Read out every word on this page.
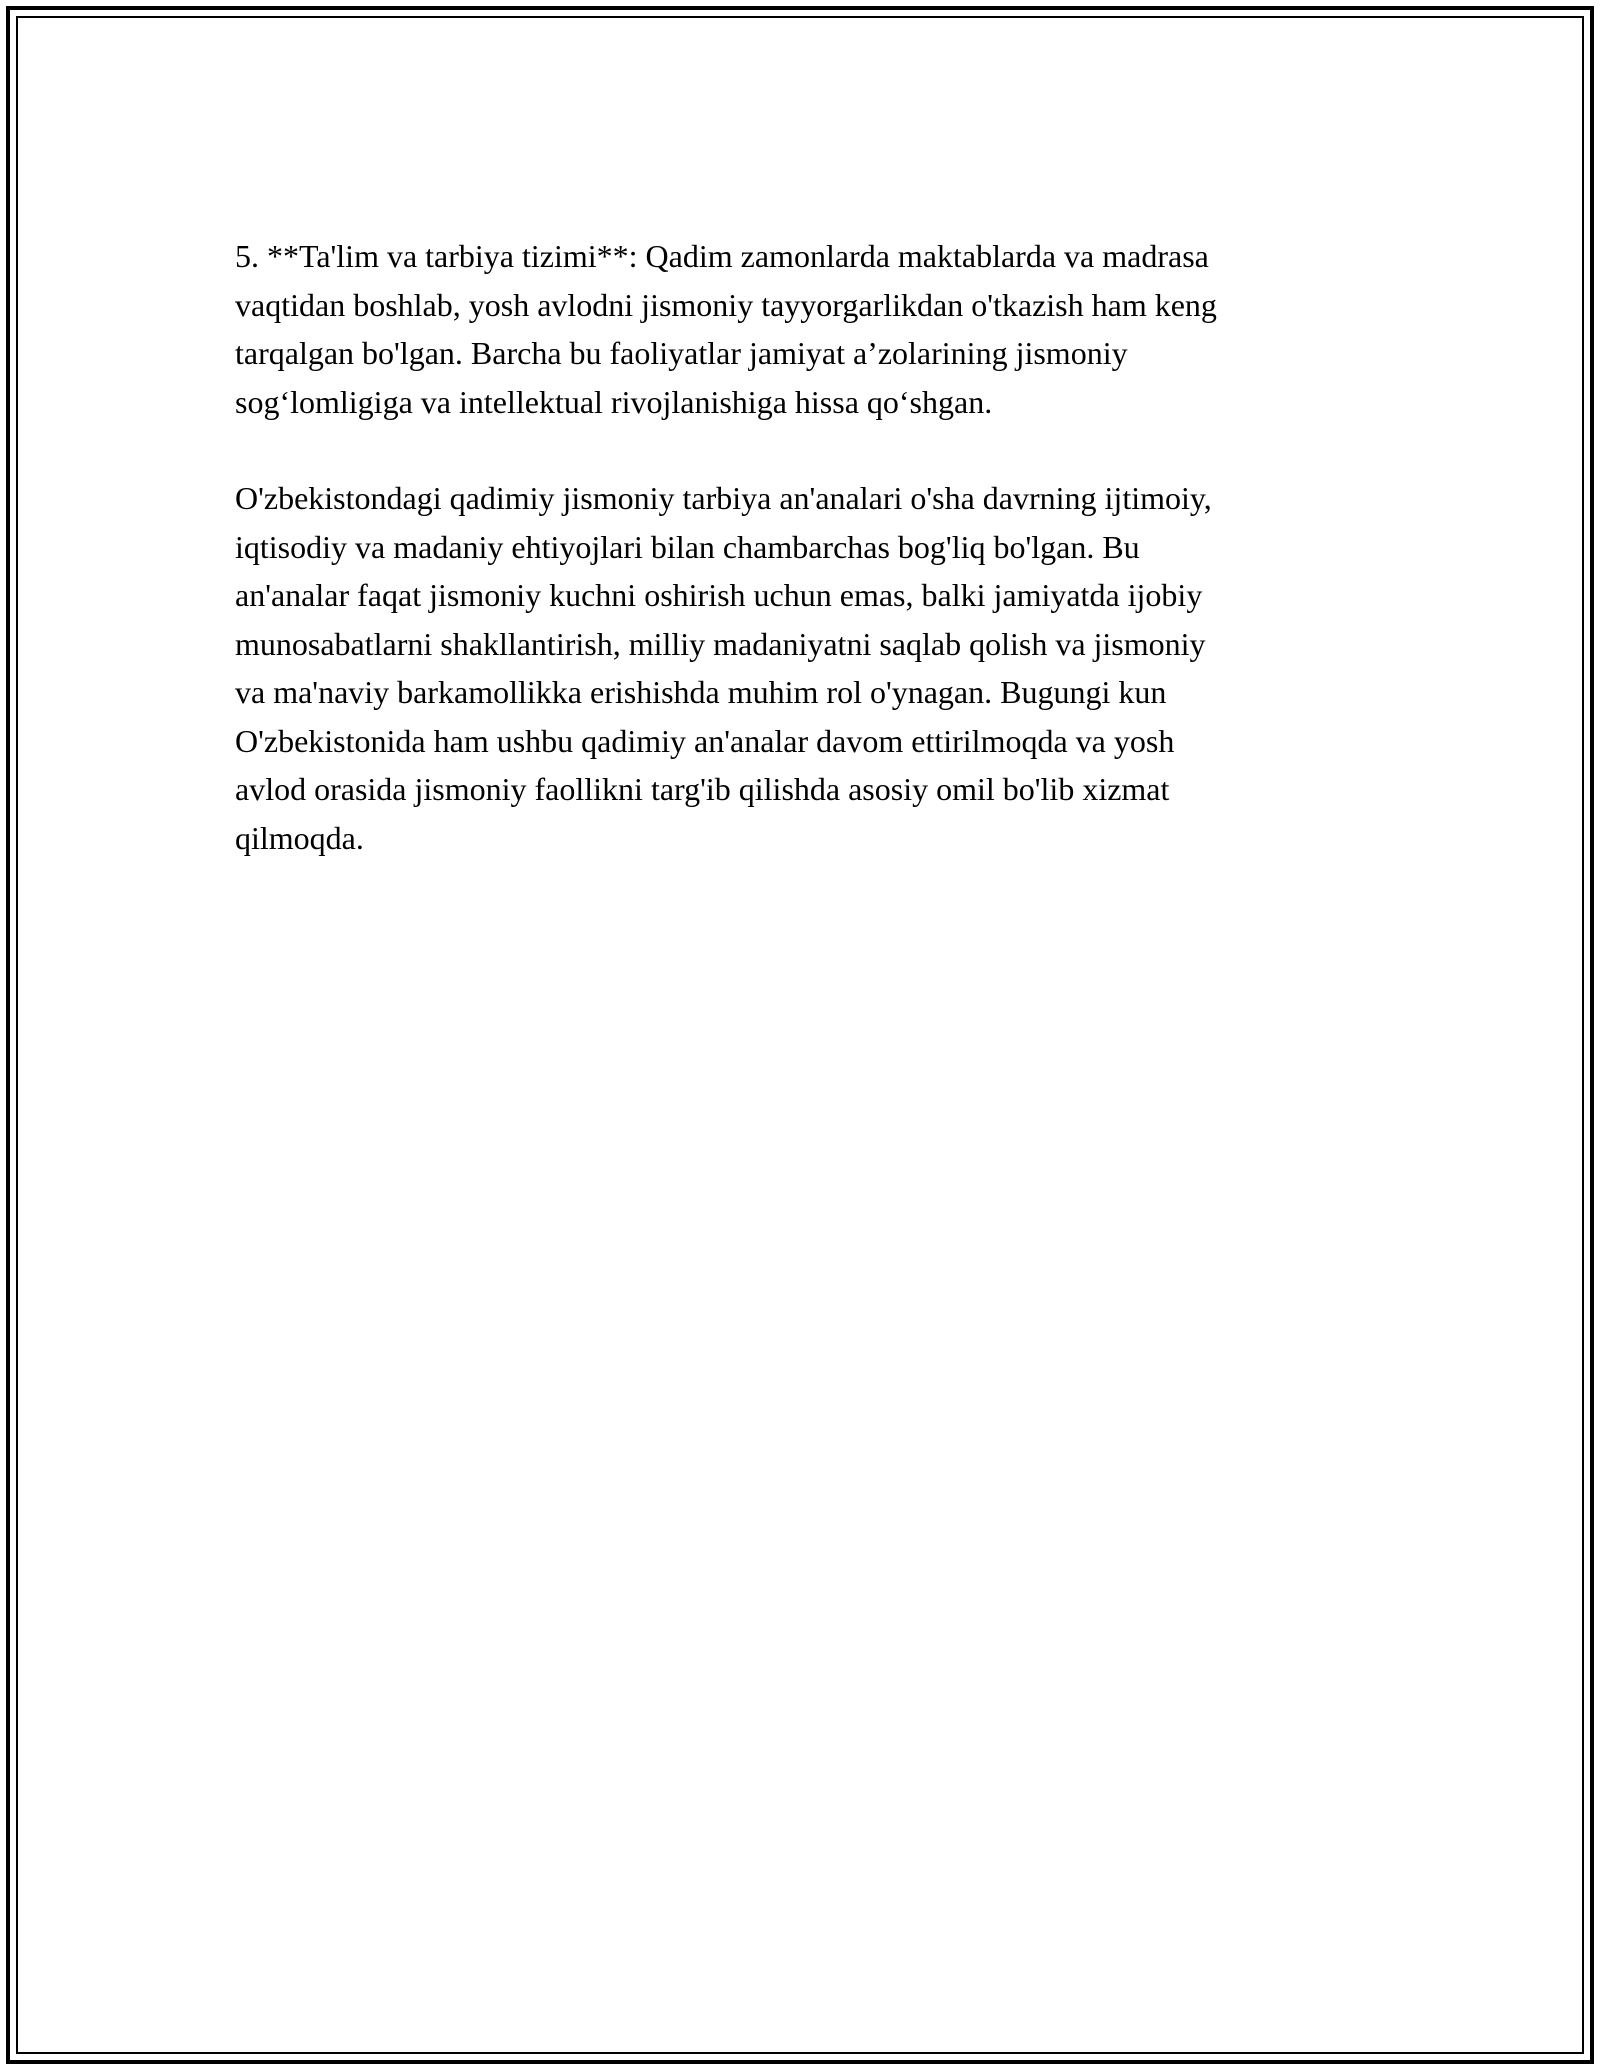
5. **Ta'lim va tarbiya tizimi**: Qadim zamonlarda maktablarda va madrasa
vaqtidan boshlab, yosh avlodni jismoniy tayyorgarlikdan o'tkazish ham keng
tarqalgan bo'lgan. Barcha bu faoliyatlar jamiyat a’zolarining jismoniy
sog‘lomligiga va intellektual rivojlanishiga hissa qo‘shgan.

O'zbekistondagi qadimiy jismoniy tarbiya an'analari o'sha davrning ijtimoiy,
iqtisodiy va madaniy ehtiyojlari bilan chambarchas bog'liq bo'lgan. Bu
an'analar faqat jismoniy kuchni oshirish uchun emas, balki jamiyatda ijobiy
munosabatlarni shakllantirish, milliy madaniyatni saqlab qolish va jismoniy
va ma'naviy barkamollikka erishishda muhim rol o'ynagan. Bugungi kun
O'zbekistonida ham ushbu qadimiy an'analar davom ettirilmoqda va yosh
avlod orasida jismoniy faollikni targ'ib qilishda asosiy omil bo'lib xizmat
qilmoqda.
